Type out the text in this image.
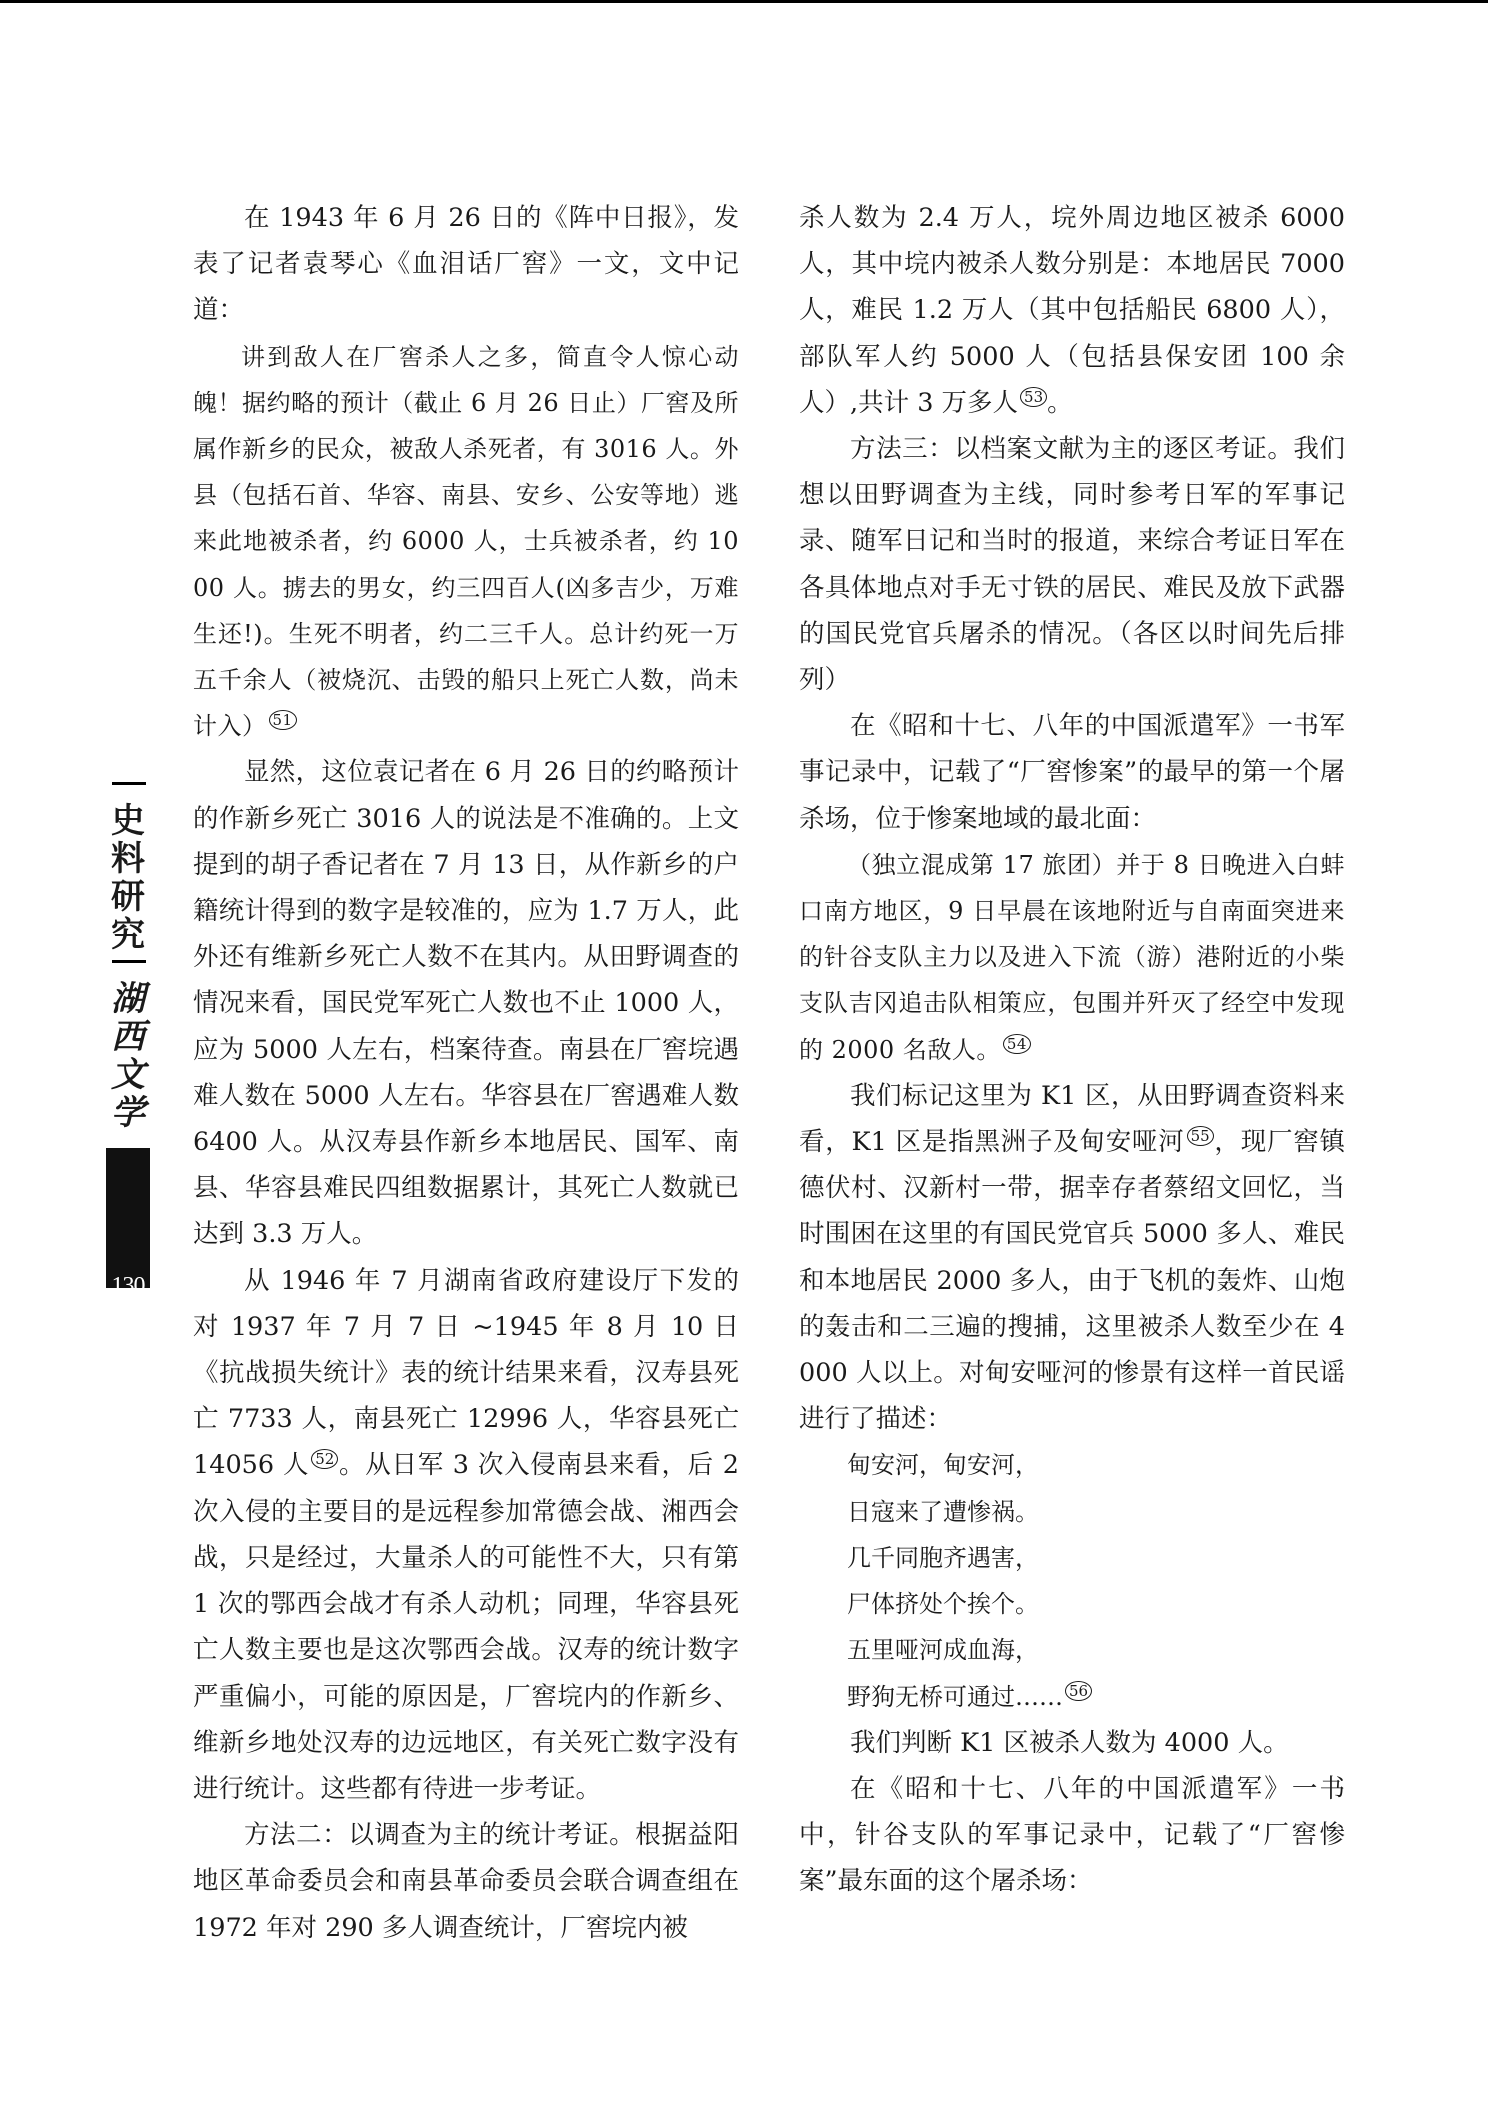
史料研究
湖西文学
130

在 1943 年 6 月 26 日的《阵中日报》，发表了记者袁琴心《血泪话厂窖》一文，文中记道：

讲到敌人在厂窖杀人之多，简直令人惊心动魄！据约略的预计（截止 6 月 26 日止）厂窖及所属作新乡的民众，被敌人杀死者，有 3016 人。外县（包括石首、华容、南县、安乡、公安等地）逃来此地被杀者，约 6000 人，士兵被杀者，约 1000 人。掳去的男女，约三四百人(凶多吉少，万难生还!)。生死不明者，约二三千人。总计约死一万五千余人（被烧沉、击毁的船只上死亡人数，尚未计入） $^{51}$

显然，这位袁记者在 6 月 26 日的约略预计的作新乡死亡 3016 人的说法是不准确的。上文提到的胡子香记者在 7 月 13 日，从作新乡的户籍统计得到的数字是较准的，应为 1.7 万人，此外还有维新乡死亡人数不在其内。从田野调查的情况来看，国民党军死亡人数也不止 1000 人，应为 5000 人左右，档案待查。南县在厂窖垸遇难人数在 5000 人左右。华容县在厂窖遇难人数 6400 人。从汉寿县作新乡本地居民、国军、南县、华容县难民四组数据累计，其死亡人数就已达到 3.3 万人。

从 1946 年 7 月湖南省政府建设厅下发的对 1937 年 7 月 7 日 ~1945 年 8 月 10 日《抗战损失统计》表的统计结果来看，汉寿县死亡 7733 人，南县死亡 12996 人，华容县死亡 14056 人 $^{52}$ 。从日军 3 次入侵南县来看，后 2 次入侵的主要目的是远程参加常德会战、湘西会战，只是经过，大量杀人的可能性不大，只有第 1 次的鄂西会战才有杀人动机；同理，华容县死亡人数主要也是这次鄂西会战。汉寿的统计数字严重偏小，可能的原因是，厂窖垸内的作新乡、维新乡地处汉寿的边远地区，有关死亡数字没有进行统计。这些都有待进一步考证。

方法二：以调查为主的统计考证。根据益阳地区革命委员会和南县革命委员会联合调查组在 1972 年对 290 多人调查统计，厂窖垸内被

杀人数为 2.4 万人，垸外周边地区被杀 6000 人，其中垸内被杀人数分别是：本地居民 7000 人，难民 1.2 万人（其中包括船民 6800 人），部队军人约 5000 人（包括县保安团 100 余人）,共计 3 万多人 $^{53}$ 。

方法三：以档案文献为主的逐区考证。我们想以田野调查为主线，同时参考日军的军事记录、随军日记和当时的报道，来综合考证日军在各具体地点对手无寸铁的居民、难民及放下武器的国民党官兵屠杀的情况。（各区以时间先后排列）

在《昭和十七、八年的中国派遣军》一书军事记录中，记载了“厂窖惨案”的最早的第一个屠杀场，位于惨案地域的最北面：

（独立混成第 17 旅团）并于 8 日晚进入白蚌口南方地区，9 日早晨在该地附近与自南面突进来的针谷支队主力以及进入下流（游）港附近的小柴支队吉冈追击队相策应，包围并歼灭了经空中发现的 2000 名敌人。 $^{54}$

我们标记这里为 K1 区，从田野调查资料来看，K1 区是指黑洲子及甸安哑河 $^{55}$ ，现厂窖镇德伏村、汉新村一带，据幸存者蔡绍文回忆，当时围困在这里的有国民党官兵 5000 多人、难民和本地居民 2000 多人，由于飞机的轰炸、山炮的轰击和二三遍的搜捕，这里被杀人数至少在 4000 人以上。对甸安哑河的惨景有这样一首民谣进行了描述：

甸安河，甸安河，

日寇来了遭惨祸。

几千同胞齐遇害，

尸体挤处个挨个。

五里哑河成血海，

野狗无桥可通过…… $^{56}$

我们判断 K1 区被杀人数为 4000 人。

在《昭和十七、八年的中国派遣军》一书中，针谷支队的军事记录中，记载了“厂窖惨案”最东面的这个屠杀场：
